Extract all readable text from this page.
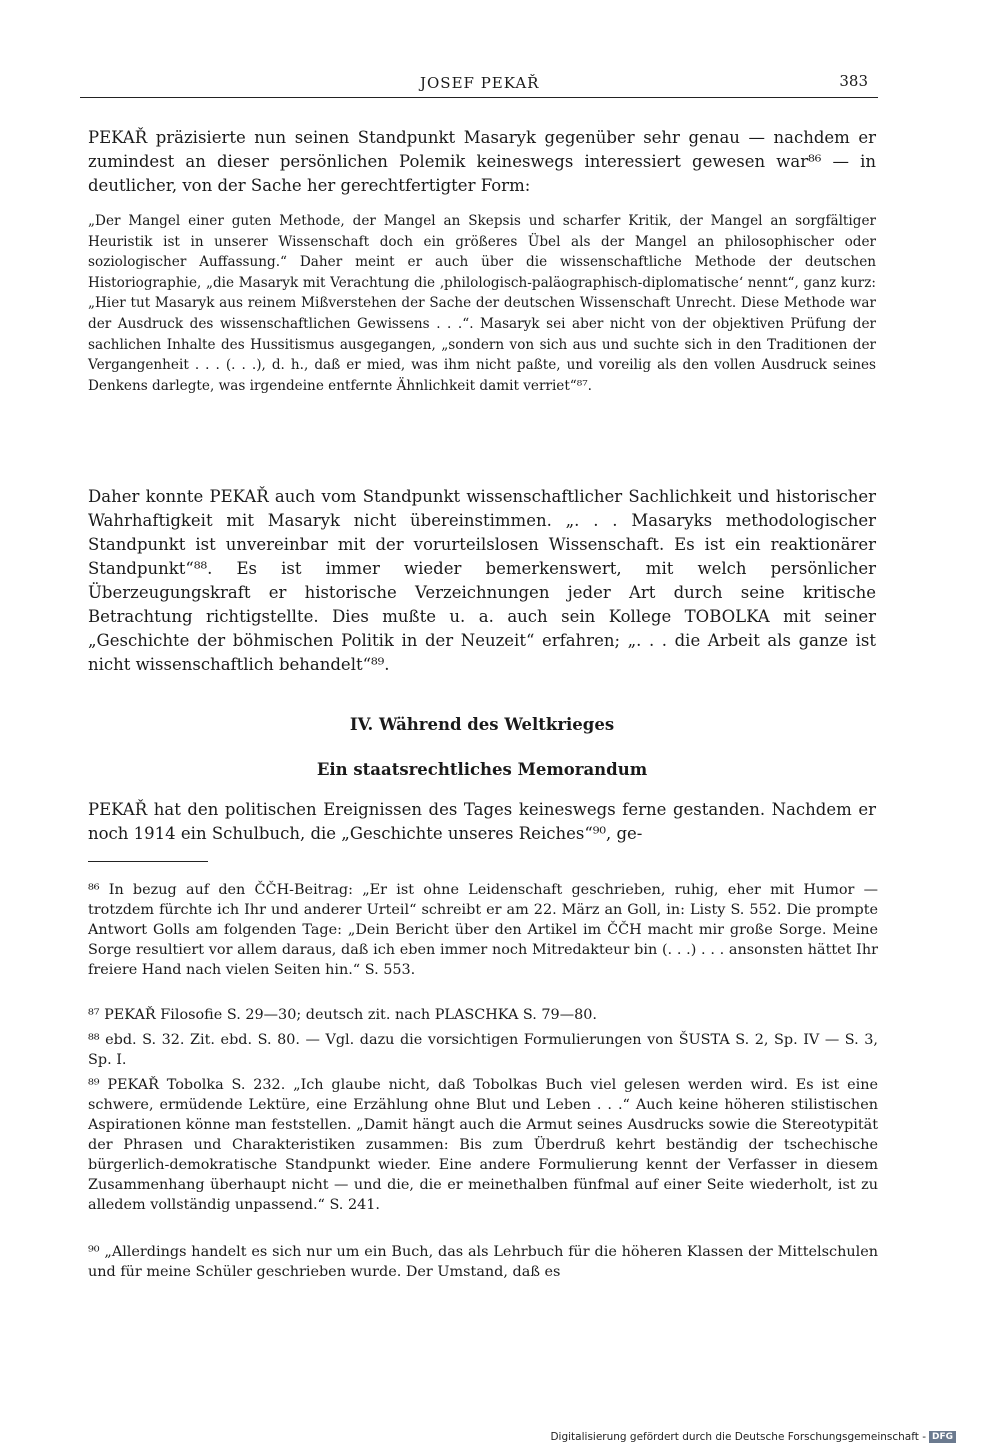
JOSEF PEKAŘ	383

PEKAŘ präzisierte nun seinen Standpunkt Masaryk gegenüber sehr genau — nachdem er zumindest an dieser persönlichen Polemik keineswegs interessiert gewesen war⁸⁶ — in deutlicher, von der Sache her gerechtfertigter Form:

„Der Mangel einer guten Methode, der Mangel an Skepsis und scharfer Kritik, der Mangel an sorgfältiger Heuristik ist in unserer Wissenschaft doch ein größeres Übel als der Mangel an philosophischer oder soziologischer Auffassung.“ Daher meint er auch über die wissenschaftliche Methode der deutschen Historiographie, „die Masaryk mit Verachtung die ‚philologisch-paläographisch-diplomatische‘ nennt“, ganz kurz: „Hier tut Masaryk aus reinem Mißverstehen der Sache der deutschen Wissenschaft Unrecht. Diese Methode war der Ausdruck des wissenschaftlichen Gewissens . . .“. Masaryk sei aber nicht von der objektiven Prüfung der sachlichen Inhalte des Hussitismus ausgegangen, „sondern von sich aus und suchte sich in den Traditionen der Vergangenheit . . . (. . .), d. h., daß er mied, was ihm nicht paßte, und voreilig als den vollen Ausdruck seines Denkens darlegte, was irgendeine entfernte Ähnlichkeit damit verriet“⁸⁷.

Daher konnte PEKAŘ auch vom Standpunkt wissenschaftlicher Sachlichkeit und historischer Wahrhaftigkeit mit Masaryk nicht übereinstimmen. „. . . Masaryks methodologischer Standpunkt ist unvereinbar mit der vorurteilslosen Wissenschaft. Es ist ein reaktionärer Standpunkt“⁸⁸. Es ist immer wieder bemerkenswert, mit welch persönlicher Überzeugungskraft er historische Verzeichnungen jeder Art durch seine kritische Betrachtung richtigstellte. Dies mußte u. a. auch sein Kollege TOBOLKA mit seiner „Geschichte der böhmischen Politik in der Neuzeit“ erfahren; „. . . die Arbeit als ganze ist nicht wissenschaftlich behandelt“⁸⁹.

IV. Während des Weltkrieges
Ein staatsrechtliches Memorandum

PEKAŘ hat den politischen Ereignissen des Tages keineswegs ferne gestanden. Nachdem er noch 1914 ein Schulbuch, die „Geschichte unseres Reiches“⁹⁰, ge-

⁸⁶ In bezug auf den ČČH-Beitrag: „Er ist ohne Leidenschaft geschrieben, ruhig, eher mit Humor — trotzdem fürchte ich Ihr und anderer Urteil“ schreibt er am 22. März an Goll, in: Listy S. 552. Die prompte Antwort Golls am folgenden Tage: „Dein Bericht über den Artikel im ČČH macht mir große Sorge. Meine Sorge resultiert vor allem daraus, daß ich eben immer noch Mitredakteur bin (. . .) . . . ansonsten hättet Ihr freiere Hand nach vielen Seiten hin.“ S. 553.

⁸⁷ PEKAŘ Filosofie S. 29—30; deutsch zit. nach PLASCHKA S. 79—80.

⁸⁸ ebd. S. 32. Zit. ebd. S. 80. — Vgl. dazu die vorsichtigen Formulierungen von ŠUSTA S. 2, Sp. IV — S. 3, Sp. I.

⁸⁹ PEKAŘ Tobolka S. 232. „Ich glaube nicht, daß Tobolkas Buch viel gelesen werden wird. Es ist eine schwere, ermüdende Lektüre, eine Erzählung ohne Blut und Leben . . .“ Auch keine höheren stilistischen Aspirationen könne man feststellen. „Damit hängt auch die Armut seines Ausdrucks sowie die Stereotypität der Phrasen und Charakteristiken zusammen: Bis zum Überdruß kehrt beständig der tschechische bürgerlich-demokratische Standpunkt wieder. Eine andere Formulierung kennt der Verfasser in diesem Zusammenhang überhaupt nicht — und die, die er meinethalben fünfmal auf einer Seite wiederholt, ist zu alledem vollständig unpassend.“ S. 241.

⁹⁰ „Allerdings handelt es sich nur um ein Buch, das als Lehrbuch für die höheren Klassen der Mittelschulen und für meine Schüler geschrieben wurde. Der Umstand, daß es

Digitalisierung gefördert durch die Deutsche Forschungsgemeinschaft - DFG
